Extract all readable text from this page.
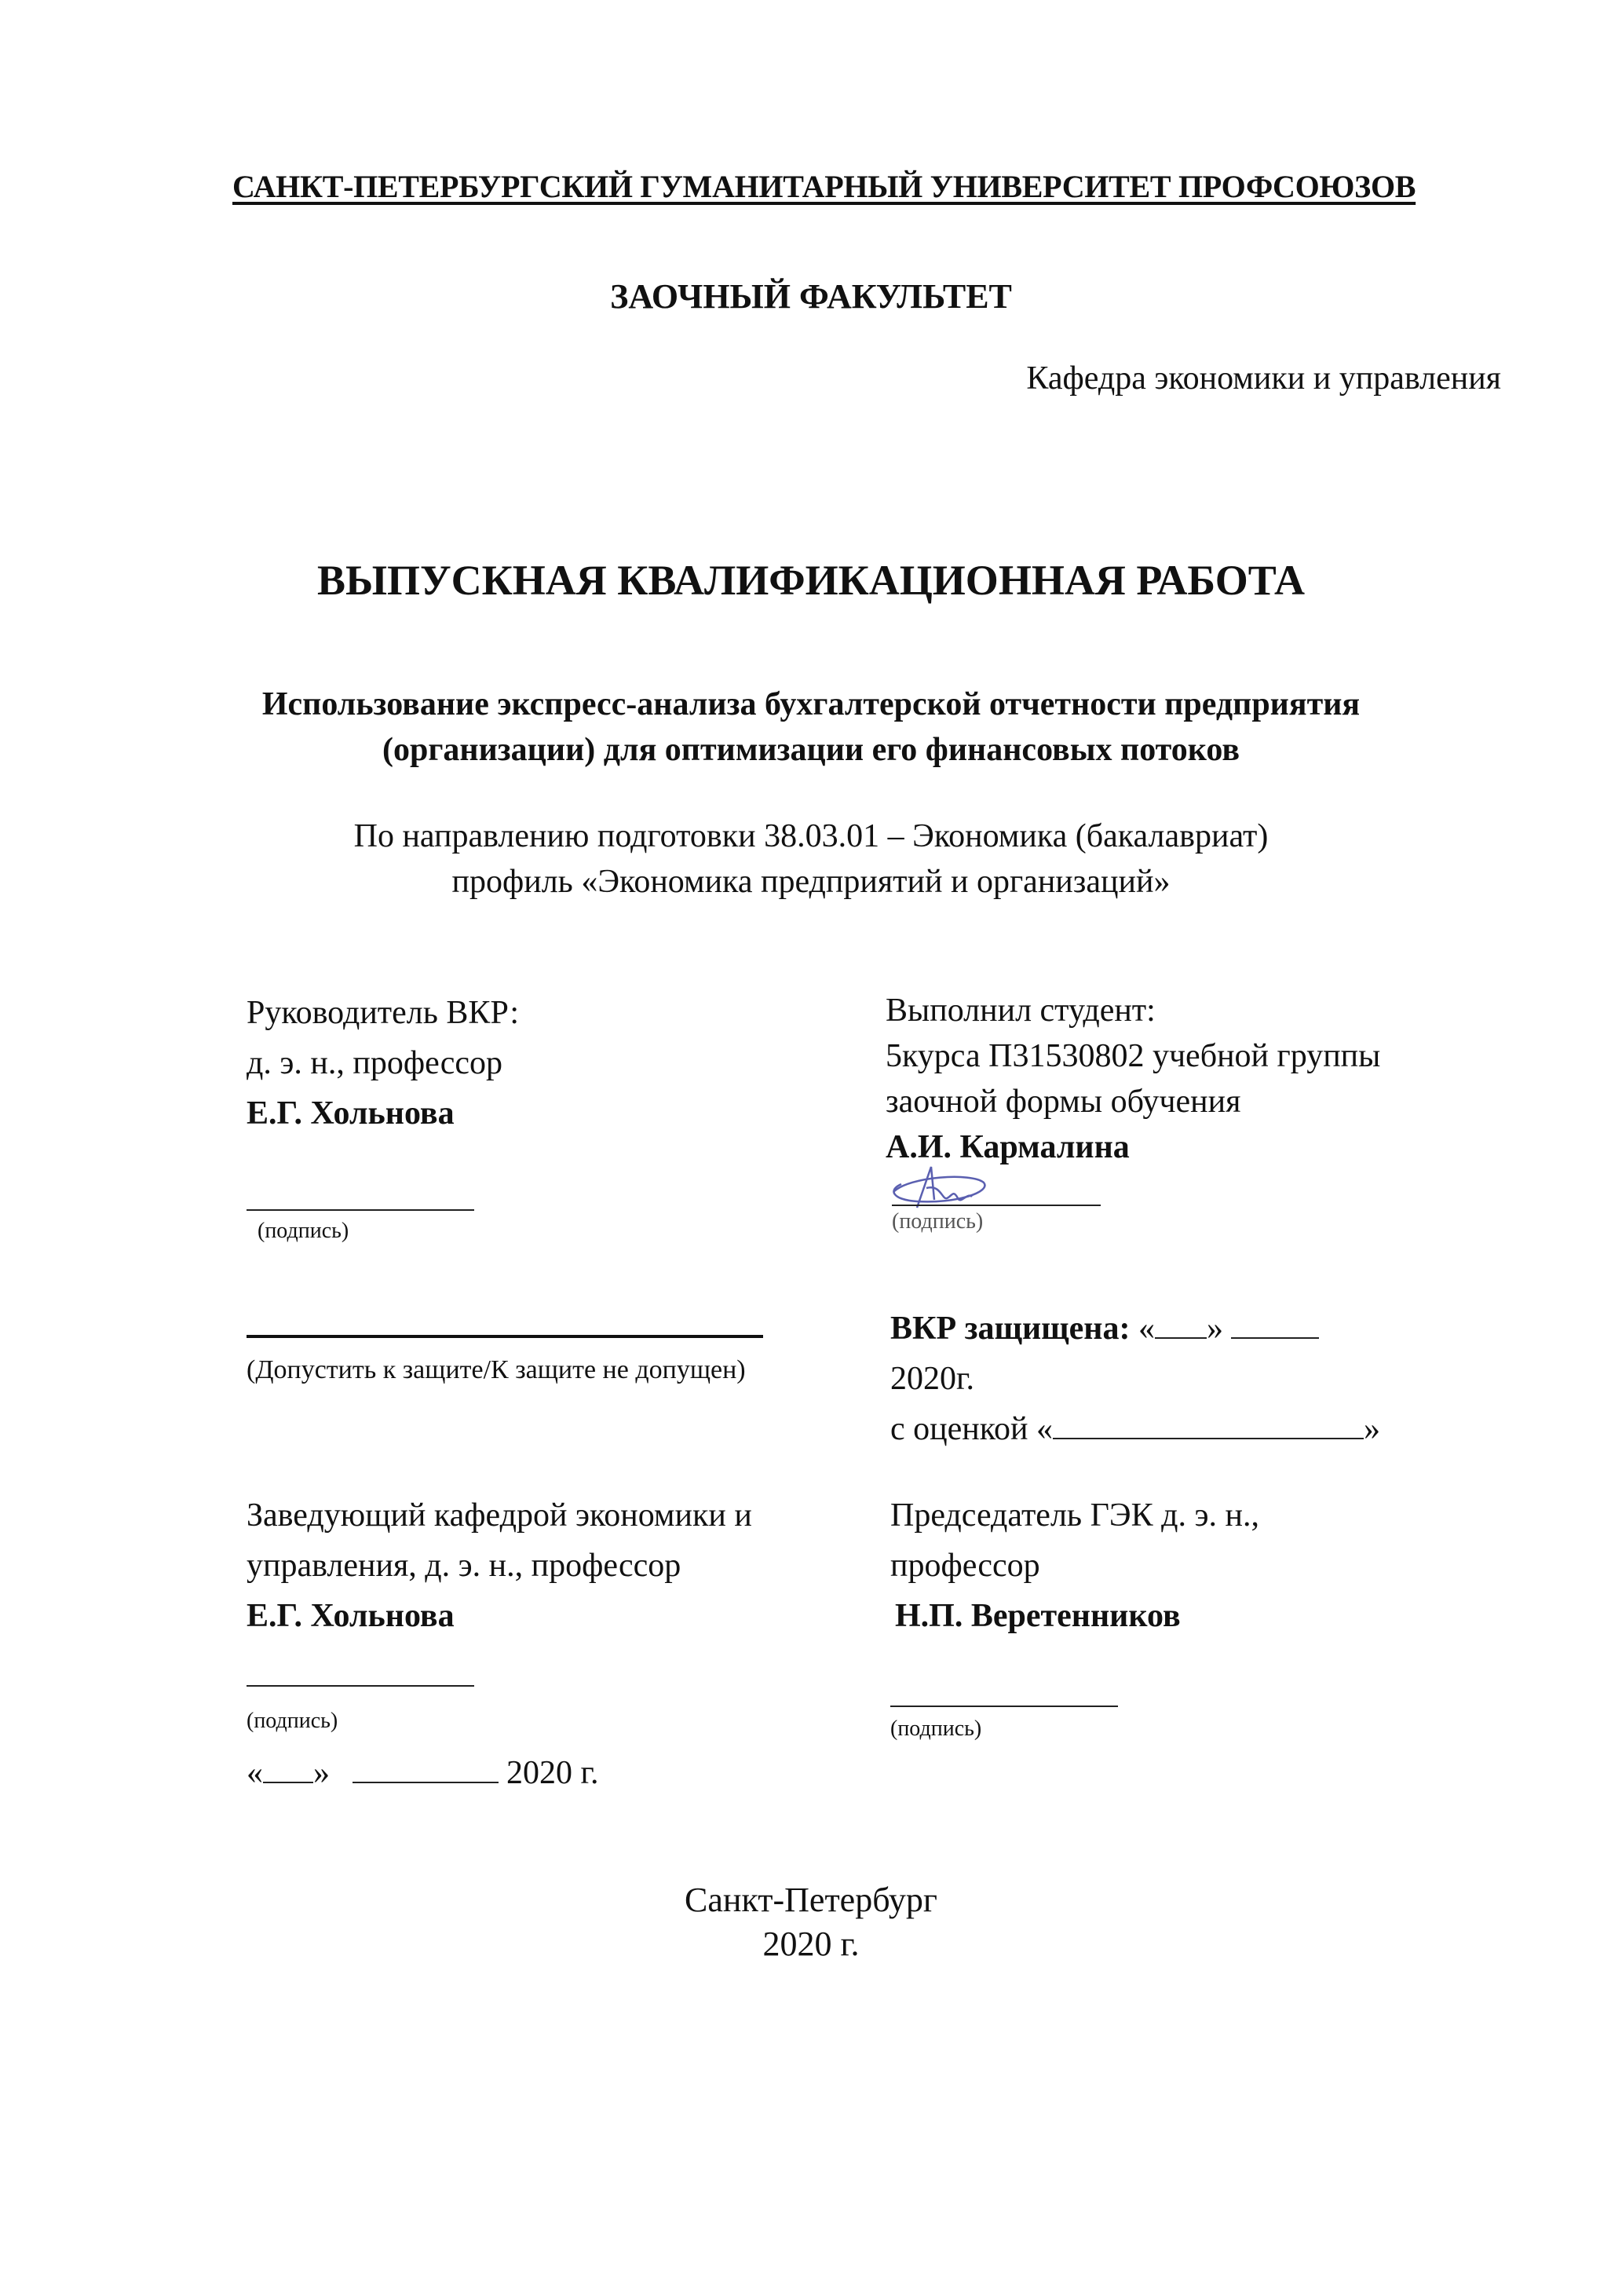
САНКТ-ПЕТЕРБУРГСКИЙ ГУМАНИТАРНЫЙ УНИВЕРСИТЕТ ПРОФСОЮЗОВ
ЗАОЧНЫЙ ФАКУЛЬТЕТ
Кафедра экономики и управления
ВЫПУСКНАЯ КВАЛИФИКАЦИОННАЯ РАБОТА
Использование экспресс-анализа бухгалтерской отчетности предприятия
(организации) для оптимизации его финансовых потоков
По направлению подготовки 38.03.01 – Экономика (бакалавриат)
профиль «Экономика предприятий и организаций»
Руководитель ВКР:
д. э. н., профессор
Е.Г. Хольнова
(подпись)
Выполнил студент:
5курса П31530802 учебной группы
заочной формы обучения
А.И. Кармалина
(подпись)
(Допустить к защите/К защите не допущен)
ВКР защищена: « »
2020г.
с оценкой «	»
Заведующий кафедрой экономики и
управления, д. э. н., профессор
Е.Г. Хольнова
(подпись)
« »	2020 г.
Председатель ГЭК д. э. н.,
профессор
Н.П. Веретенников
(подпись)
Санкт-Петербург
2020 г.
